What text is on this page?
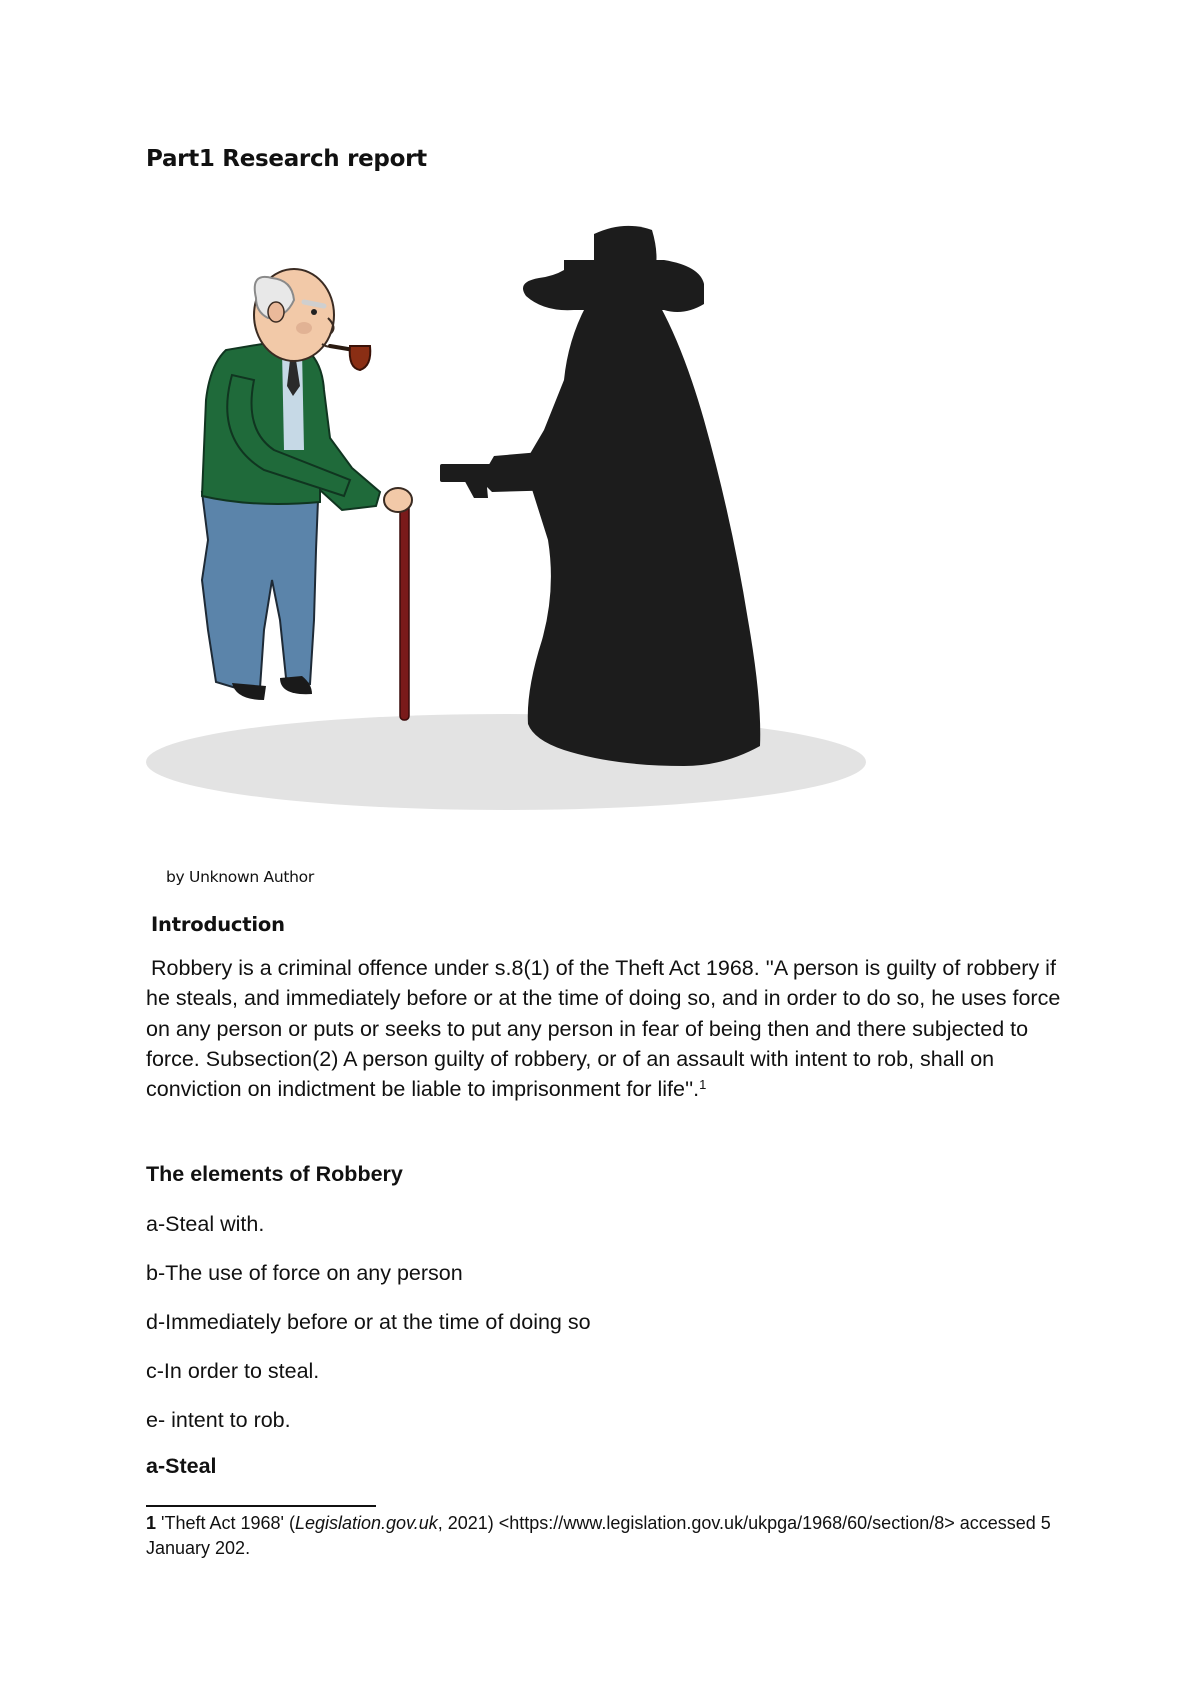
Part1 Research report
by Unknown Author
Introduction

Robbery is a criminal offence under s.8(1) of the Theft Act 1968. ''A person is guilty of robbery if he steals, and immediately before or at the time of doing so, and in order to do so, he uses force on any person or puts or seeks to put any person in fear of being then and there subjected to force. Subsection(2) A person guilty of robbery, or of an assault with intent to rob, shall on conviction on indictment be liable to imprisonment for life''.$^1$

The elements of Robbery
a-Steal with.
b-The use of force on any person
d-Immediately before or at the time of doing so
c-In order to steal.
e- intent to rob.
a-Steal

1 'Theft Act 1968' (Legislation.gov.uk, 2021) <https://www.legislation.gov.uk/ukpga/1968/60/section/8> accessed 5 January 202.
